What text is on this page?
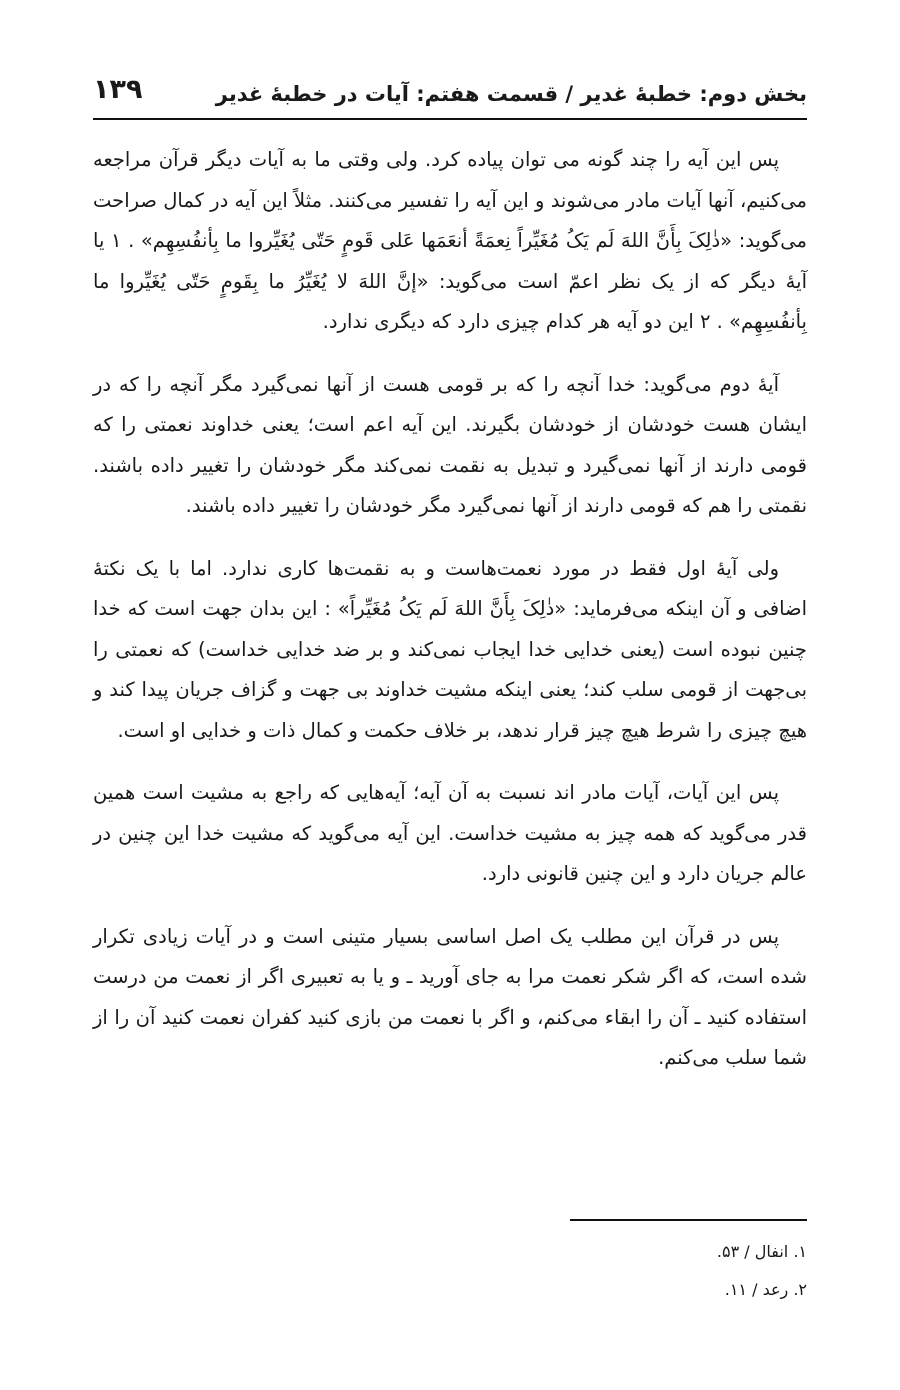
بخش دوم: خطبهٔ غدیر / قسمت هفتم: آیات در خطبهٔ غدیر
۱۳۹

پس این آیه را چند گونه می توان پیاده کرد. ولی وقتی ما به آیات دیگر قرآن مراجعه می‌کنیم، آنها آیات مادر می‌شوند و این آیه را تفسیر می‌کنند. مثلاً این آیه در کمال صراحت می‌گوید: «ذٰلِکَ بِأَنَّ اللهَ لَم یَکُ مُغَیِّراً نِعمَةً أنعَمَها عَلی قَومٍ حَتّی یُغَیِّروا ما بِأنفُسِهِم» . ۱ یا آیهٔ دیگر که از یک نظر اعمّ است می‌گوید: «إنَّ اللهَ لا یُغَیِّرُ ما بِقَومٍ حَتّی یُغَیِّروا ما بِأنفُسِهِم» . ۲ این دو آیه هر کدام چیزی دارد که دیگری ندارد.

آیهٔ دوم می‌گوید: خدا آنچه را که بر قومی هست از آنها نمی‌گیرد مگر آنچه را که در ایشان هست خودشان از خودشان بگیرند. این آیه اعم است؛ یعنی خداوند نعمتی را که قومی دارند از آنها نمی‌گیرد و تبدیل به نقمت نمی‌کند مگر خودشان را تغییر داده باشند. نقمتی را هم که قومی دارند از آنها نمی‌گیرد مگر خودشان را تغییر داده باشند.

ولی آیهٔ اول فقط در مورد نعمت‌هاست و به نقمت‌ها کاری ندارد. اما با یک نکتهٔ اضافی و آن اینکه می‌فرماید: «ذٰلِکَ بِأَنَّ اللهَ لَم یَکُ مُغَیِّراً» : این بدان جهت است که خدا چنین نبوده است (یعنی خدایی خدا ایجاب نمی‌کند و بر ضد خدایی خداست) که نعمتی را بی‌جهت از قومی سلب کند؛ یعنی اینکه مشیت خداوند بی جهت و گزاف جریان پیدا کند و هیچ چیزی را شرط هیچ چیز قرار ندهد، بر خلاف حکمت و کمال ذات و خدایی او است.

پس این آیات، آیات مادر اند نسبت به آن آیه؛ آیه‌هایی که راجع به مشیت است همین قدر می‌گوید که همه چیز به مشیت خداست. این آیه می‌گوید که مشیت خدا این چنین در عالم جریان دارد و این چنین قانونی دارد.

پس در قرآن این مطلب یک اصل اساسی بسیار متینی است و در آیات زیادی تکرار شده است، که اگر شکر نعمت مرا به جای آورید ـ و یا به تعبیری اگر از نعمت من درست استفاده کنید ـ آن را ابقاء می‌کنم، و اگر با نعمت من بازی کنید کفران نعمت کنید آن را از شما سلب می‌کنم.

۱. انفال / ۵۳.
۲. رعد / ۱۱.
